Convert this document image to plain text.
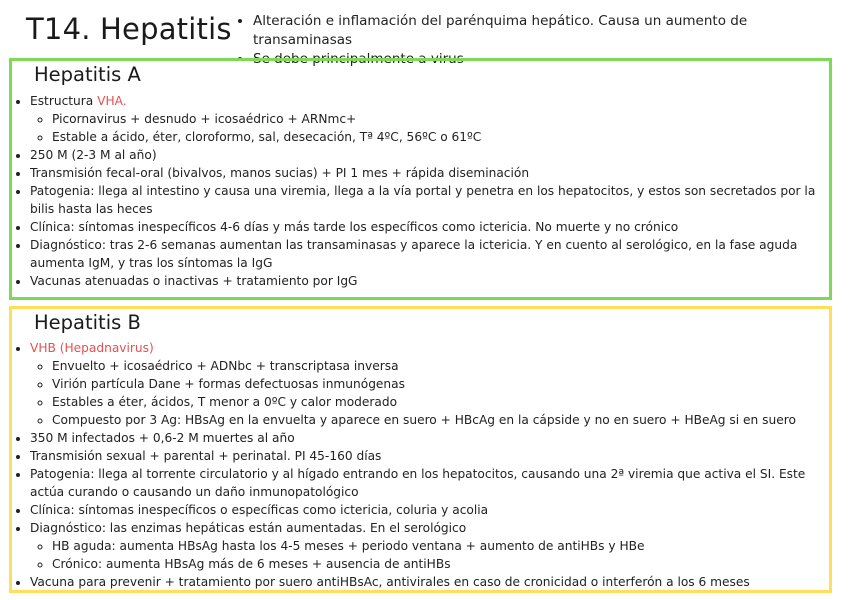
T14. Hepatitis
• Alteración e inflamación del parénquima hepático. Causa un aumento de transaminasas
• Se debe principalmente a virus
Hepatitis A
• Estructura VHA.
◦ Picornavirus + desnudo + icosaédrico + ARNmc+
◦ Estable a ácido, éter, cloroformo, sal, desecación, Tª 4ºC, 56ºC o 61ºC
• 250 M (2-3 M al año)
• Transmisión fecal-oral (bivalvos, manos sucias) + PI 1 mes + rápida diseminación
• Patogenia: llega al intestino y causa una viremia, llega a la vía portal y penetra en los hepatocitos, y estos son secretados por la bilis hasta las heces
• Clínica: síntomas inespecíficos 4-6 días y más tarde los específicos como ictericia. No muerte y no crónico
• Diagnóstico: tras 2-6 semanas aumentan las transaminasas y aparece la ictericia. Y en cuento al serológico, en la fase aguda aumenta IgM, y tras los síntomas la IgG
• Vacunas atenuadas o inactivas + tratamiento por IgG
Hepatitis B
• VHB (Hepadnavirus)
◦ Envuelto + icosaédrico + ADNbc + transcriptasa inversa
◦ Virión partícula Dane + formas defectuosas inmunógenas
◦ Estables a éter, ácidos, T menor a 0ºC y calor moderado
◦ Compuesto por 3 Ag: HBsAg en la envuelta y aparece en suero + HBcAg en la cápside y no en suero + HBeAg si en suero
• 350 M infectados + 0,6-2 M muertes al año
• Transmisión sexual + parental + perinatal. PI 45-160 días
• Patogenia: llega al torrente circulatorio y al hígado entrando en los hepatocitos, causando una 2ª viremia que activa el SI. Este actúa curando o causando un daño inmunopatológico
• Clínica: síntomas inespecíficos o específicas como ictericia, coluria y acolia
• Diagnóstico: las enzimas hepáticas están aumentadas. En el serológico
◦ HB aguda: aumenta HBsAg hasta los 4-5 meses + periodo ventana + aumento de antiHBs y HBe
◦ Crónico: aumenta HBsAg más de 6 meses + ausencia de antiHBs
• Vacuna para prevenir + tratamiento por suero antiHBsAc, antivirales en caso de cronicidad o interferón a los 6 meses
